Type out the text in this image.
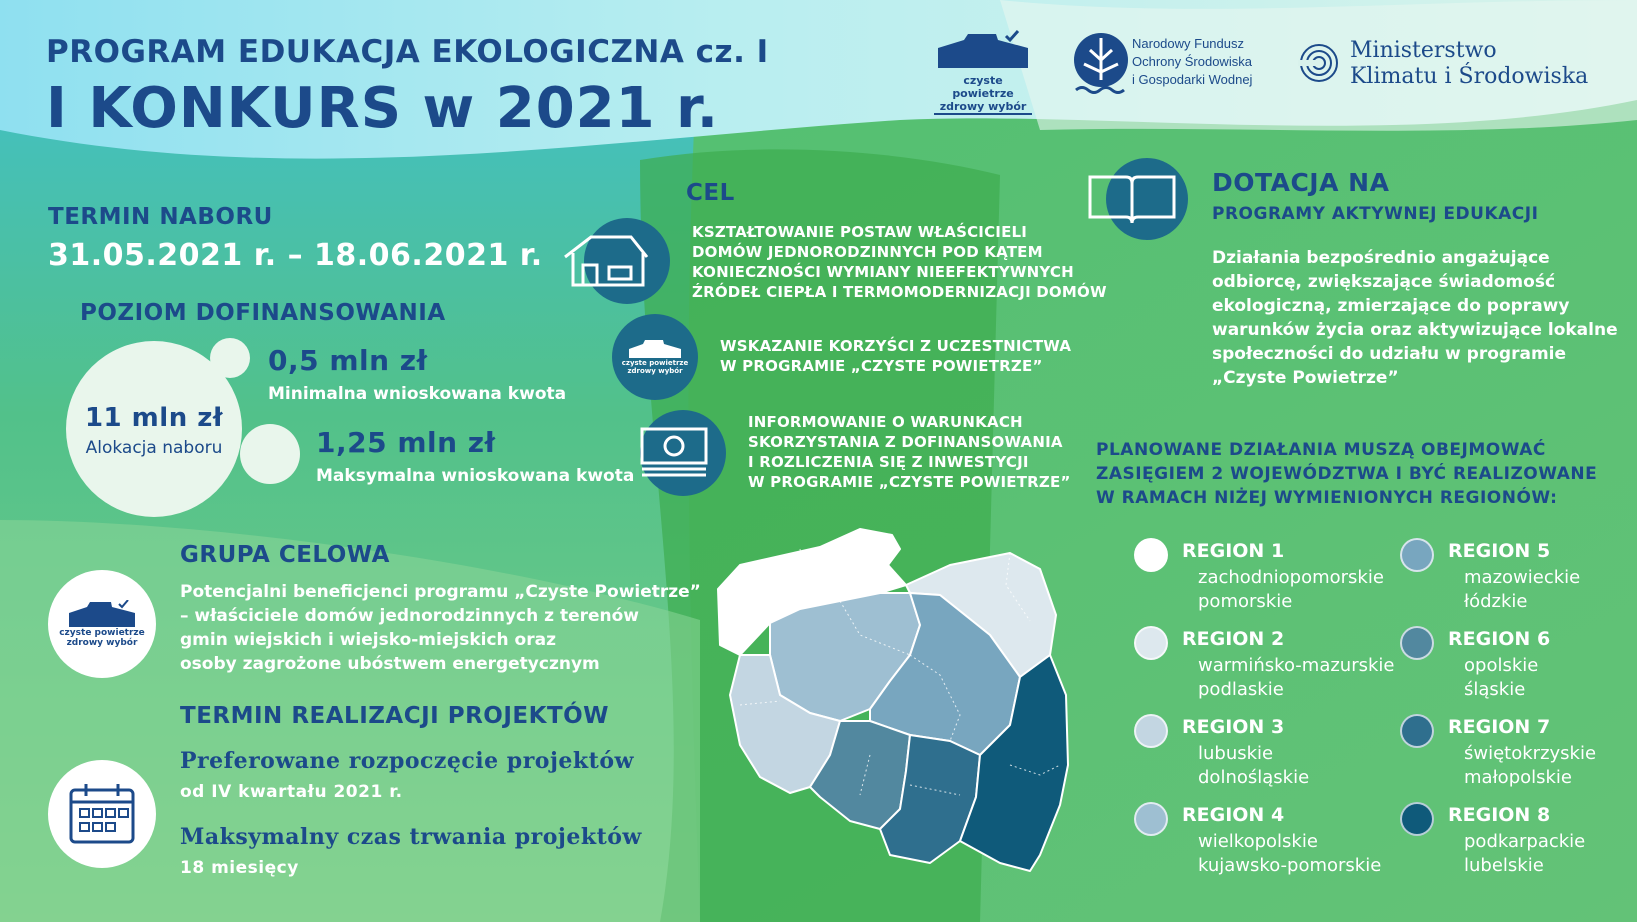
PROGRAM EDUKACJA EKOLOGICZNA cz. I
I KONKURS w 2021 r.	czyste powietrze
zdrowy wybór
Narodowy Fundusz
Ochrony Środowiska
i Gospodarki Wodnej
Ministerstwo
Klimatu i Środowiska
TERMIN NABORU
31.05.2021 r. – 18.06.2021 r.
POZIOM DOFINANSOWANIA
11 mln zł
Alokacja naboru
0,5 mln zł
Minimalna wnioskowana kwota
1,25 mln zł
Maksymalna wnioskowana kwota
czyste powietrze
zdrowy wybór
GRUPA CELOWA
Potencjalni beneficjenci programu „Czyste Powietrze”
– właściciele domów jednorodzinnych z terenów
gmin wiejskich i wiejsko-miejskich oraz
osoby zagrożone ubóstwem energetycznym
TERMIN REALIZACJI PROJEKTÓW
Preferowane rozpoczęcie projektów
od IV kwartału 2021 r.
Maksymalny czas trwania projektów
18 miesięcy
CEL
KSZTAŁTOWANIE POSTAW WŁAŚCICIELI
DOMÓW JEDNORODZINNYCH POD KĄTEM
KONIECZNOŚCI WYMIANY NIEEFEKTYWNYCH
ŹRÓDEŁ CIEPŁA I TERMOMODERNIZACJI DOMÓW
czyste powietrze
zdrowy wybór
WSKAZANIE KORZYŚCI Z UCZESTNICTWA
W PROGRAMIE „CZYSTE POWIETRZE”
INFORMOWANIE O WARUNKACH
SKORZYSTANIA Z DOFINANSOWANIA
I ROZLICZENIA SIĘ Z INWESTYCJI
W PROGRAMIE „CZYSTE POWIETRZE”
DOTACJA NA
PROGRAMY AKTYWNEJ EDUKACJI
Działania bezpośrednio angażujące
odbiorcę, zwiększające świadomość
ekologiczną, zmierzające do poprawy
warunków życia oraz aktywizujące lokalne
społeczności do udziału w programie
„Czyste Powietrze”
PLANOWANE DZIAŁANIA MUSZĄ OBEJMOWAĆ
ZASIĘGIEM 2 WOJEWÓDZTWA I BYĆ REALIZOWANE
W RAMACH NIŻEJ WYMIENIONYCH REGIONÓW:
REGION 1
zachodniopomorskie
pomorskie
REGION 2
warmińsko-mazurskie
podlaskie
REGION 3
lubuskie
dolnośląskie
REGION 4
wielkopolskie
kujawsko-pomorskie
REGION 5
mazowieckie
łódzkie
REGION 6
opolskie
śląskie
REGION 7
świętokrzyskie
małopolskie
REGION 8
podkarpackie
lubelskie
